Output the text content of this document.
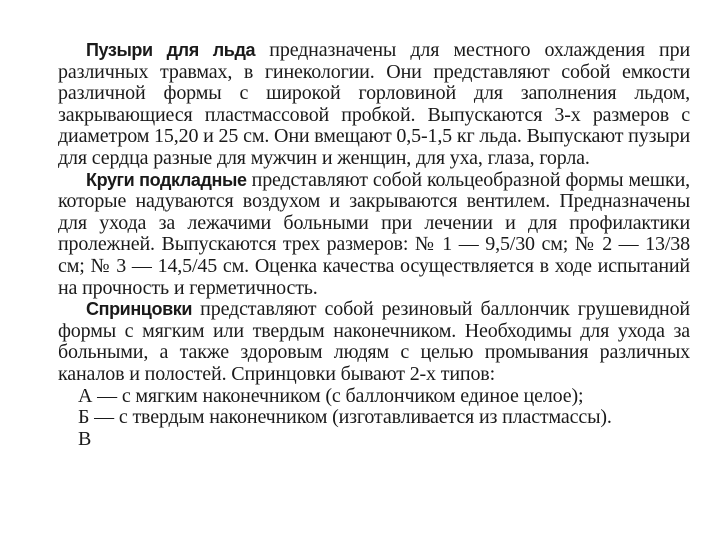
Пузыри для льда предназначены для местного охлаждения при различных травмах, в гинекологии. Они представляют собой емкости различной формы с широкой горловиной для заполнения льдом, закрывающиеся пластмассовой пробкой. Выпускаются 3-х размеров с диаметром 15,20 и 25 см. Они вмещают 0,5-1,5 кг льда. Выпускают пузыри для сердца разные для мужчин и женщин, для уха, глаза, горла.

Круги подкладные представляют собой кольцеобразной формы мешки, которые надуваются воздухом и закрываются вентилем. Предназначены для ухода за лежачими больными при лечении и для профилактики пролежней. Выпускаются трех размеров: № 1 — 9,5/30 см; № 2 — 13/38 см; № 3 — 14,5/45 см. Оценка качества осуществляется в ходе испытаний на прочность и герметичность.

Спринцовки представляют собой резиновый баллончик грушевидной формы с мягким или твердым наконечником. Необходимы для ухода за больными, а также здоровым людям с целью промывания различных каналов и полостей. Спринцовки бывают 2-х типов:

А — с мягким наконечником (с баллончиком единое целое);
Б — с твердым наконечником (изготавливается из пластмассы).
В
